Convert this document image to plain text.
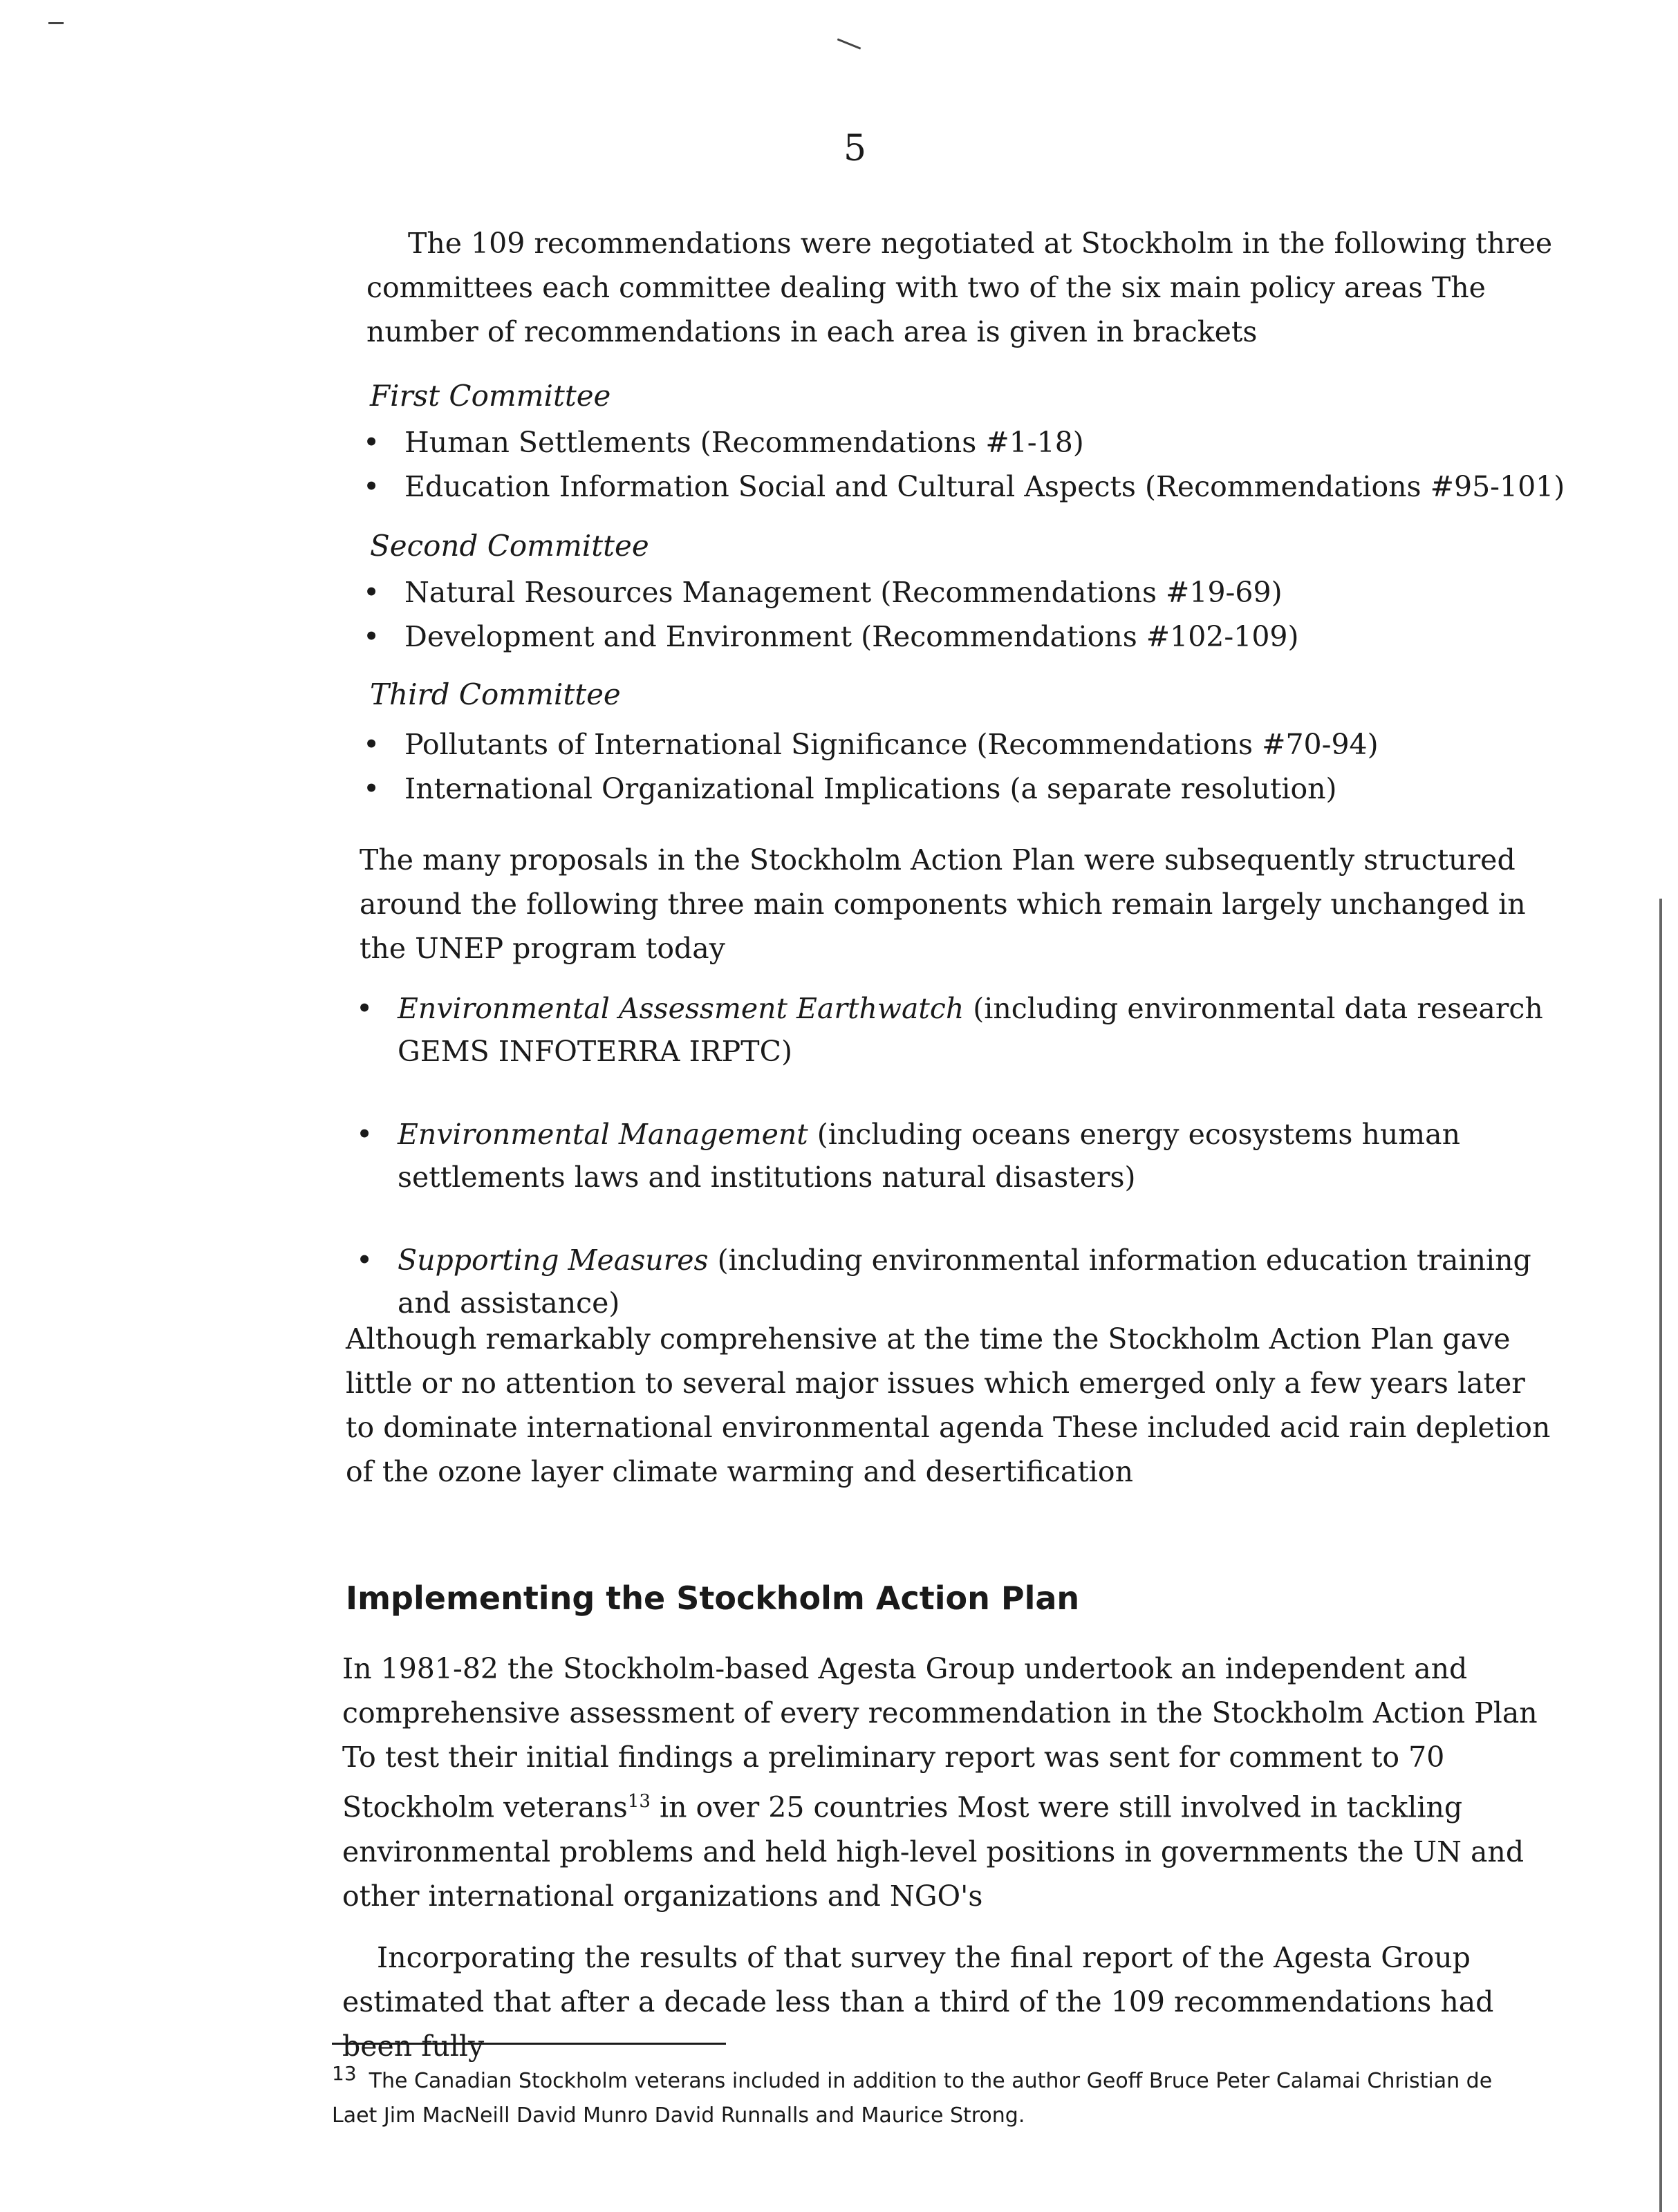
5

The 109 recommendations were negotiated at Stockholm in the following three committees each committee dealing with two of the six main policy areas The number of recommendations in each area is given in brackets

First Committee
• Human Settlements (Recommendations #1-18)
• Education Information Social and Cultural Aspects (Recommendations #95-101)
Second Committee
• Natural Resources Management (Recommendations #19-69)
• Development and Environment (Recommendations #102-109)
Third Committee
• Pollutants of International Significance (Recommendations #70-94)
• International Organizational Implications (a separate resolution)

The many proposals in the Stockholm Action Plan were subsequently structured around the following three main components which remain largely unchanged in the UNEP program today

• Environmental Assessment Earthwatch (including environmental data research GEMS INFOTERRA IRPTC)
• Environmental Management (including oceans energy ecosystems human settlements laws and institutions natural disasters)
• Supporting Measures (including environmental information education training and assistance)

Although remarkably comprehensive at the time the Stockholm Action Plan gave little or no attention to several major issues which emerged only a few years later to dominate international environmental agenda These included acid rain depletion of the ozone layer climate warming and desertification

Implementing the Stockholm Action Plan

In 1981-82 the Stockholm-based Agesta Group undertook an independent and comprehensive assessment of every recommendation in the Stockholm Action Plan To test their initial findings a preliminary report was sent for comment to 70 Stockholm veterans$^{13}$ in over 25 countries Most were still involved in tackling environmental problems and held high-level positions in governments the UN and other international organizations and NGO's

Incorporating the results of that survey the final report of the Agesta Group estimated that after a decade less than a third of the 109 recommendations had been fully

$^{13}$ The Canadian Stockholm veterans included in addition to the author Geoff Bruce Peter Calamai Christian de Laet Jim MacNeill David Munro David Runnalls and Maurice Strong.
